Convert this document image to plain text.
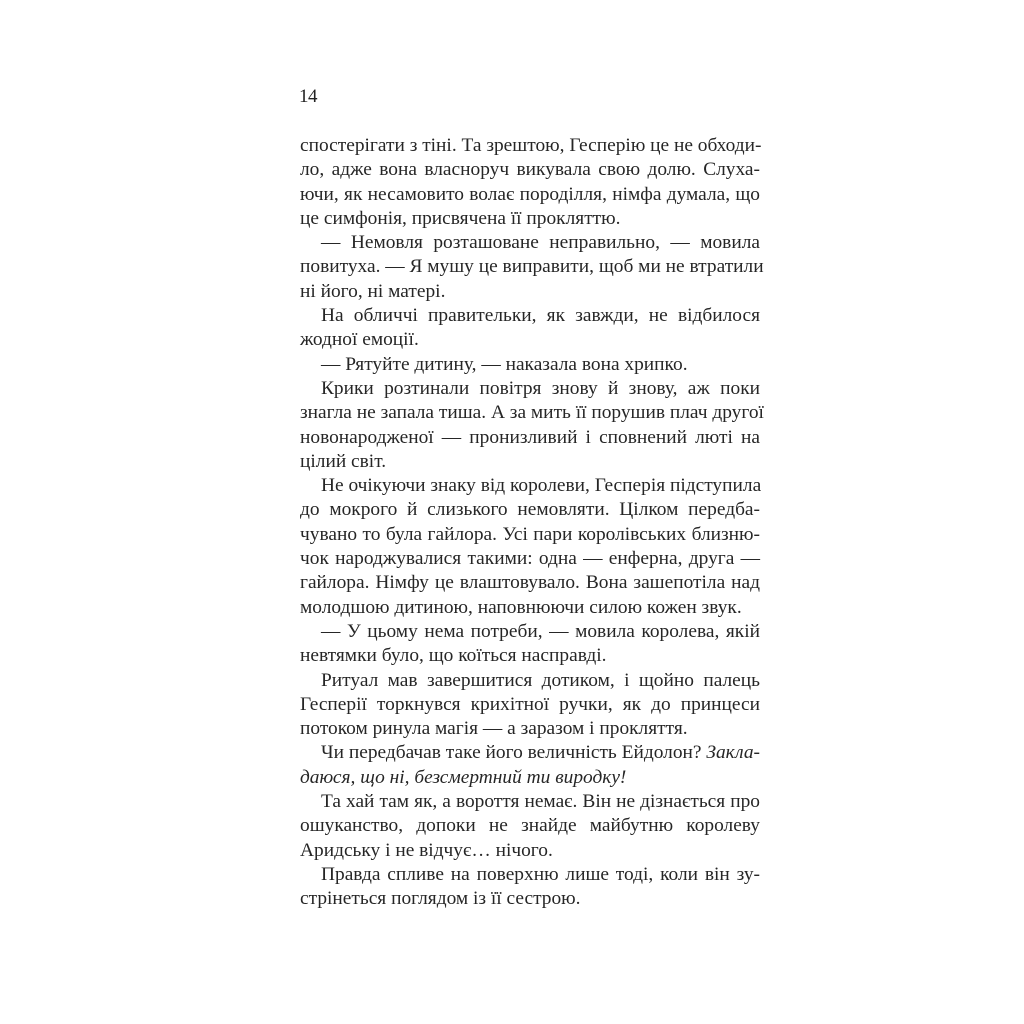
14
спостерігати з тіні. Та зрештою, Гесперію це не обходи-
ло, адже вона власноруч викувала свою долю. Слуха-
ючи, як несамовито волає породілля, німфа думала, що
це симфонія, присвячена її прокляттю.
— Немовля розташоване неправильно, — мовила
повитуха. — Я мушу це виправити, щоб ми не втратили
ні його, ні матері.
На обличчі правительки, як завжди, не відбилося
жодної емоції.
— Рятуйте дитину, — наказала вона хрипко.
Крики розтинали повітря знову й знову, аж поки
знагла не запала тиша. А за мить її порушив плач другої
новонародженої — пронизливий і сповнений люті на
цілий світ.
Не очікуючи знаку від королеви, Гесперія підступила
до мокрого й слизького немовляти. Цілком передба-
чувано то була гайлора. Усі пари королівських близню-
чок народжувалися такими: одна — енферна, друга —
гайлора. Німфу це влаштовувало. Вона зашепотіла над
молодшою дитиною, наповнюючи силою кожен звук.
— У цьому нема потреби, — мовила королева, якій
невтямки було, що коїться насправді.
Ритуал мав завершитися дотиком, і щойно палець
Гесперії торкнувся крихітної ручки, як до принцеси
потоком ринула магія — а заразом і прокляття.
Чи передбачав таке його величність Ейдолон? Закла-
даюся, що ні, безсмертний ти виродку!
Та хай там як, а вороття немає. Він не дізнається про
ошуканство, допоки не знайде майбутню королеву
Аридську і не відчує… нічого.
Правда спливе на поверхню лише тоді, коли він зу-
стрінеться поглядом із її сестрою.
